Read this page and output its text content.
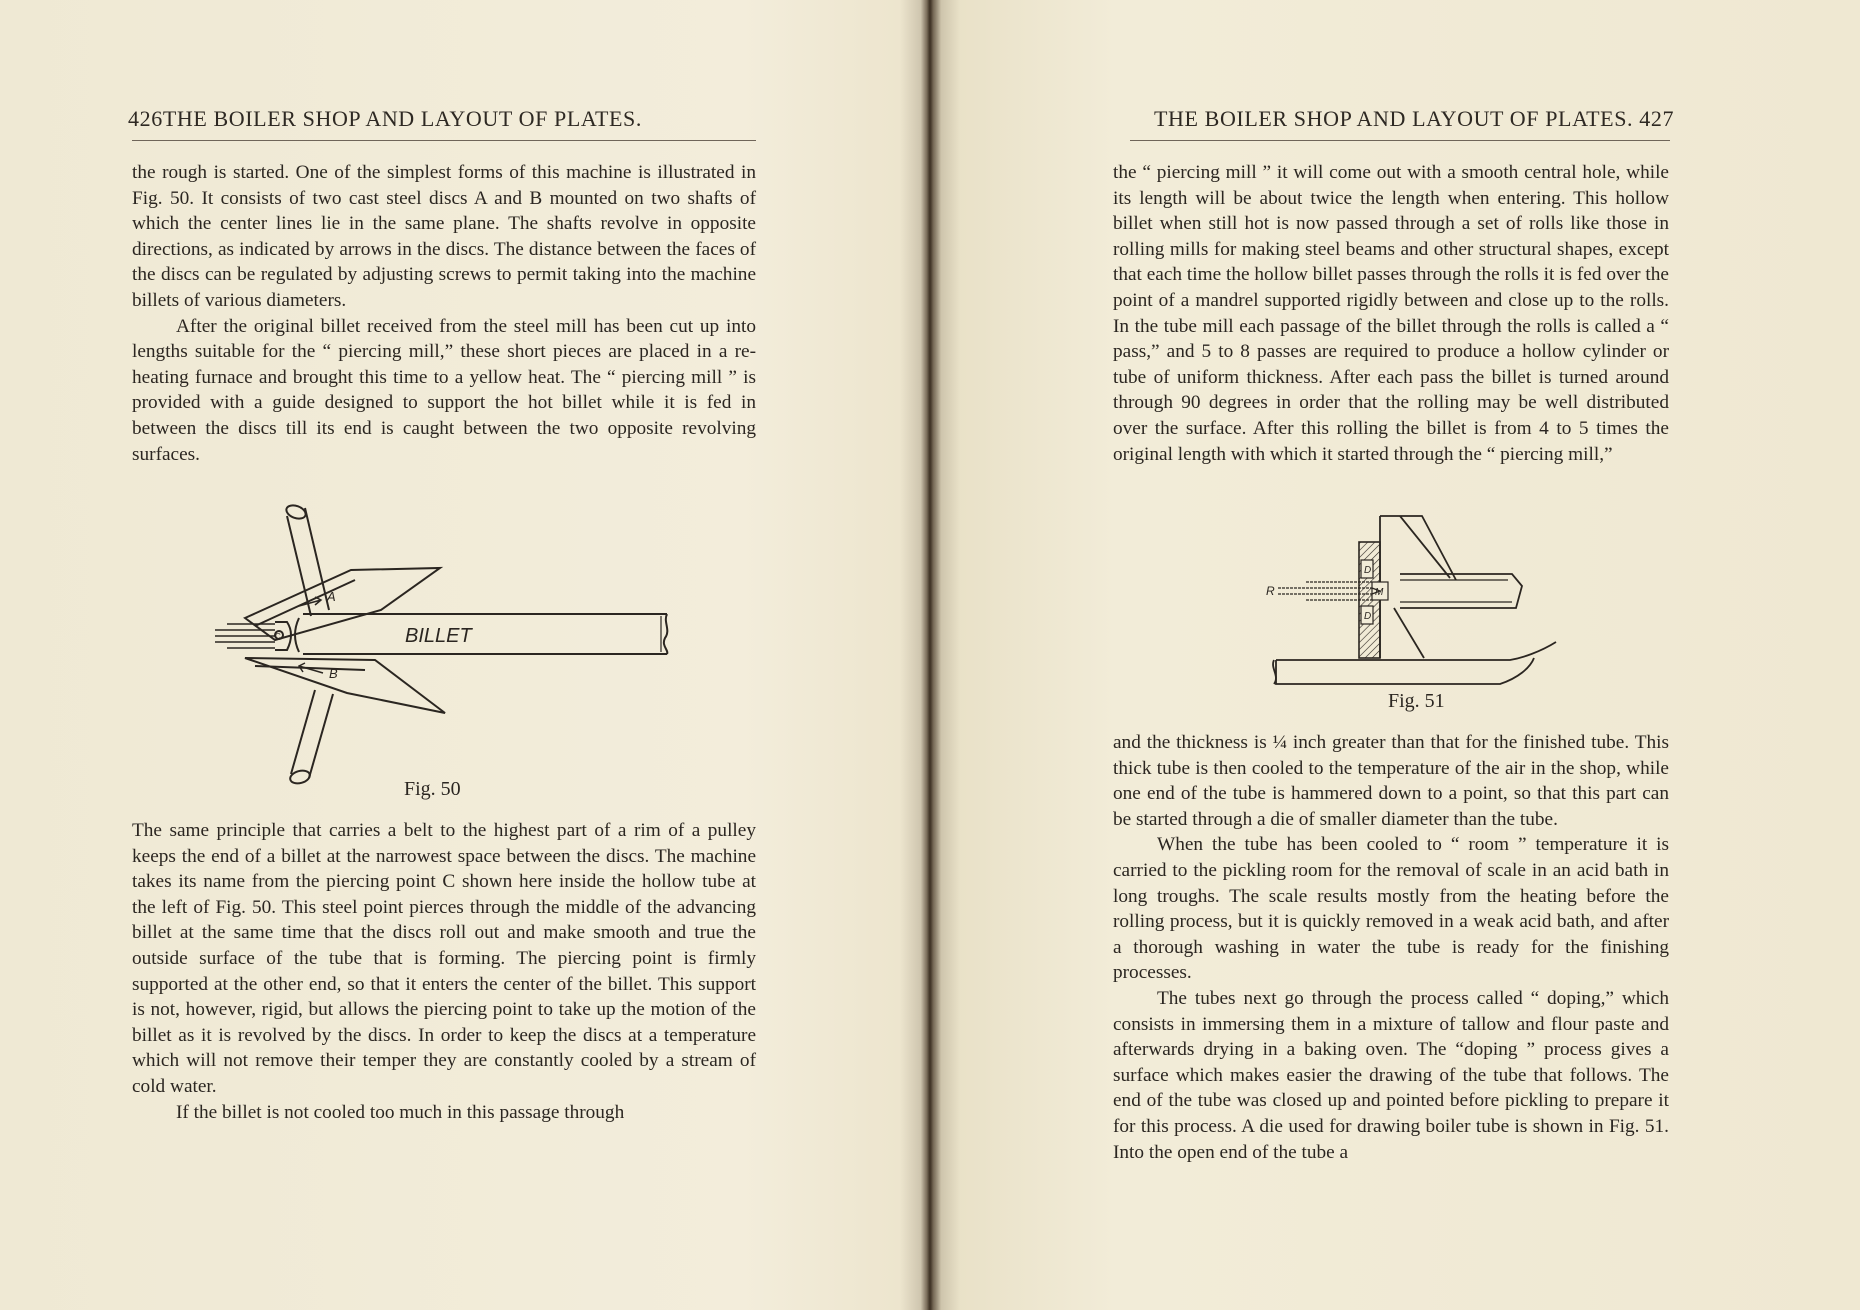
426THE BOILER SHOP AND LAYOUT OF PLATES.

the rough is started. One of the simplest forms of this machine is illustrated in Fig. 50. It consists of two cast steel discs A and B mounted on two shafts of which the center lines lie in the same plane. The shafts revolve in opposite directions, as indicated by arrows in the discs. The distance between the faces of the discs can be regulated by adjusting screws to permit taking into the machine billets of various diameters.

After the original billet received from the steel mill has been cut up into lengths suitable for the “ piercing mill,” these short pieces are placed in a re-heating furnace and brought this time to a yellow heat. The “ piercing mill ” is provided with a guide designed to support the hot billet while it is fed in between the discs till its end is caught between the two opposite revolving surfaces.

BILLET
A
B
C
Fig. 50

The same principle that carries a belt to the highest part of a rim of a pulley keeps the end of a billet at the narrowest space between the discs. The machine takes its name from the piercing point C shown here inside the hollow tube at the left of Fig. 50. This steel point pierces through the middle of the advancing billet at the same time that the discs roll out and make smooth and true the outside surface of the tube that is forming. The piercing point is firmly supported at the other end, so that it enters the center of the billet. This support is not, however, rigid, but allows the piercing point to take up the motion of the billet as it is revolved by the discs. In order to keep the discs at a temperature which will not remove their temper they are constantly cooled by a stream of cold water.

If the billet is not cooled too much in this passage through

THE BOILER SHOP AND LAYOUT OF PLATES. 427

the “ piercing mill ” it will come out with a smooth central hole, while its length will be about twice the length when entering. This hollow billet when still hot is now passed through a set of rolls like those in rolling mills for making steel beams and other structural shapes, except that each time the hollow billet passes through the rolls it is fed over the point of a mandrel supported rigidly between and close up to the rolls. In the tube mill each passage of the billet through the rolls is called a “ pass,” and 5 to 8 passes are required to produce a hollow cylinder or tube of uniform thickness. After each pass the billet is turned around through 90 degrees in order that the rolling may be well distributed over the surface. After this rolling the billet is from 4 to 5 times the original length with which it started through the “ piercing mill,”

R
D
M
D
Fig. 51

and the thickness is ¼ inch greater than that for the finished tube. This thick tube is then cooled to the temperature of the air in the shop, while one end of the tube is hammered down to a point, so that this part can be started through a die of smaller diameter than the tube.

When the tube has been cooled to “ room ” temperature it is carried to the pickling room for the removal of scale in an acid bath in long troughs. The scale results mostly from the heating before the rolling process, but it is quickly removed in a weak acid bath, and after a thorough washing in water the tube is ready for the finishing processes.

The tubes next go through the process called “ doping,” which consists in immersing them in a mixture of tallow and flour paste and afterwards drying in a baking oven. The “doping ” process gives a surface which makes easier the drawing of the tube that follows. The end of the tube was closed up and pointed before pickling to prepare it for this process. A die used for drawing boiler tube is shown in Fig. 51. Into the open end of the tube a
